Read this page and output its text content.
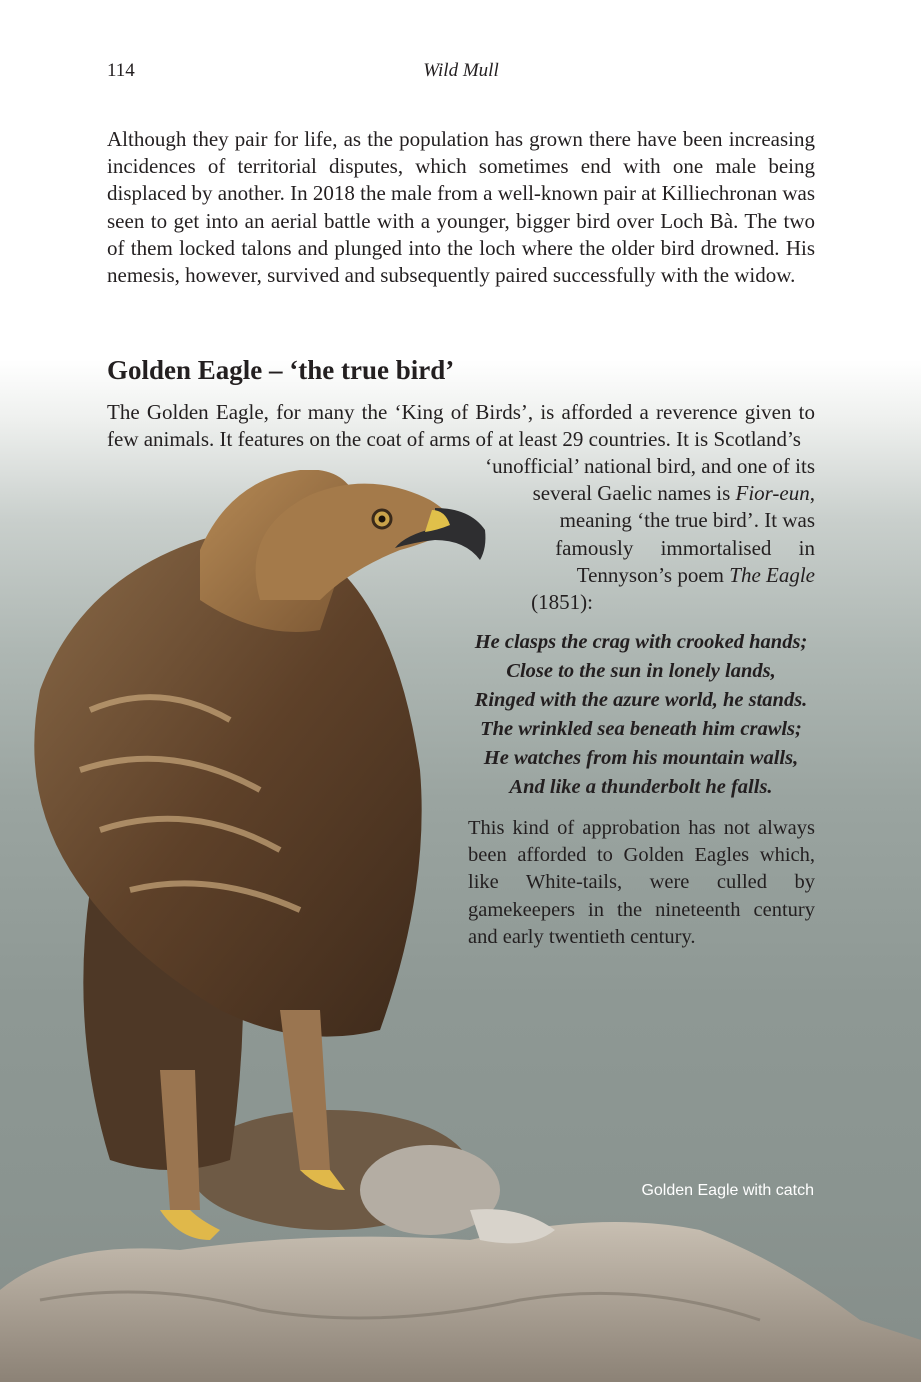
114	Wild Mull

Although they pair for life, as the population has grown there have been increasing incidences of territorial disputes, which sometimes end with one male being displaced by another. In 2018 the male from a well-known pair at Killiechronan was seen to get into an aerial battle with a younger, bigger bird over Loch Bà. The two of them locked talons and plunged into the loch where the older bird drowned. His nemesis, however, survived and subsequently paired successfully with the widow.

Golden Eagle – ‘the true bird’

The Golden Eagle, for many the ‘King of Birds’, is afforded a reverence given to few animals. It features on the coat of arms of at least 29 countries. It is Scotland’s

‘unofficial’ national bird, and one of its
several Gaelic names is Fior-eun,
meaning ‘the true bird’. It was
famously immortalised in
Tennyson’s poem The Eagle
(1851):
He clasps the crag with crooked hands;
Close to the sun in lonely lands,
Ringed with the azure world, he stands.
The wrinkled sea beneath him crawls;
He watches from his mountain walls,
And like a thunderbolt he falls.

This kind of approbation has not always been afforded to Golden Eagles which, like White-tails, were culled by gamekeepers in the nineteenth century and early twentieth century.

Golden Eagle with catch
